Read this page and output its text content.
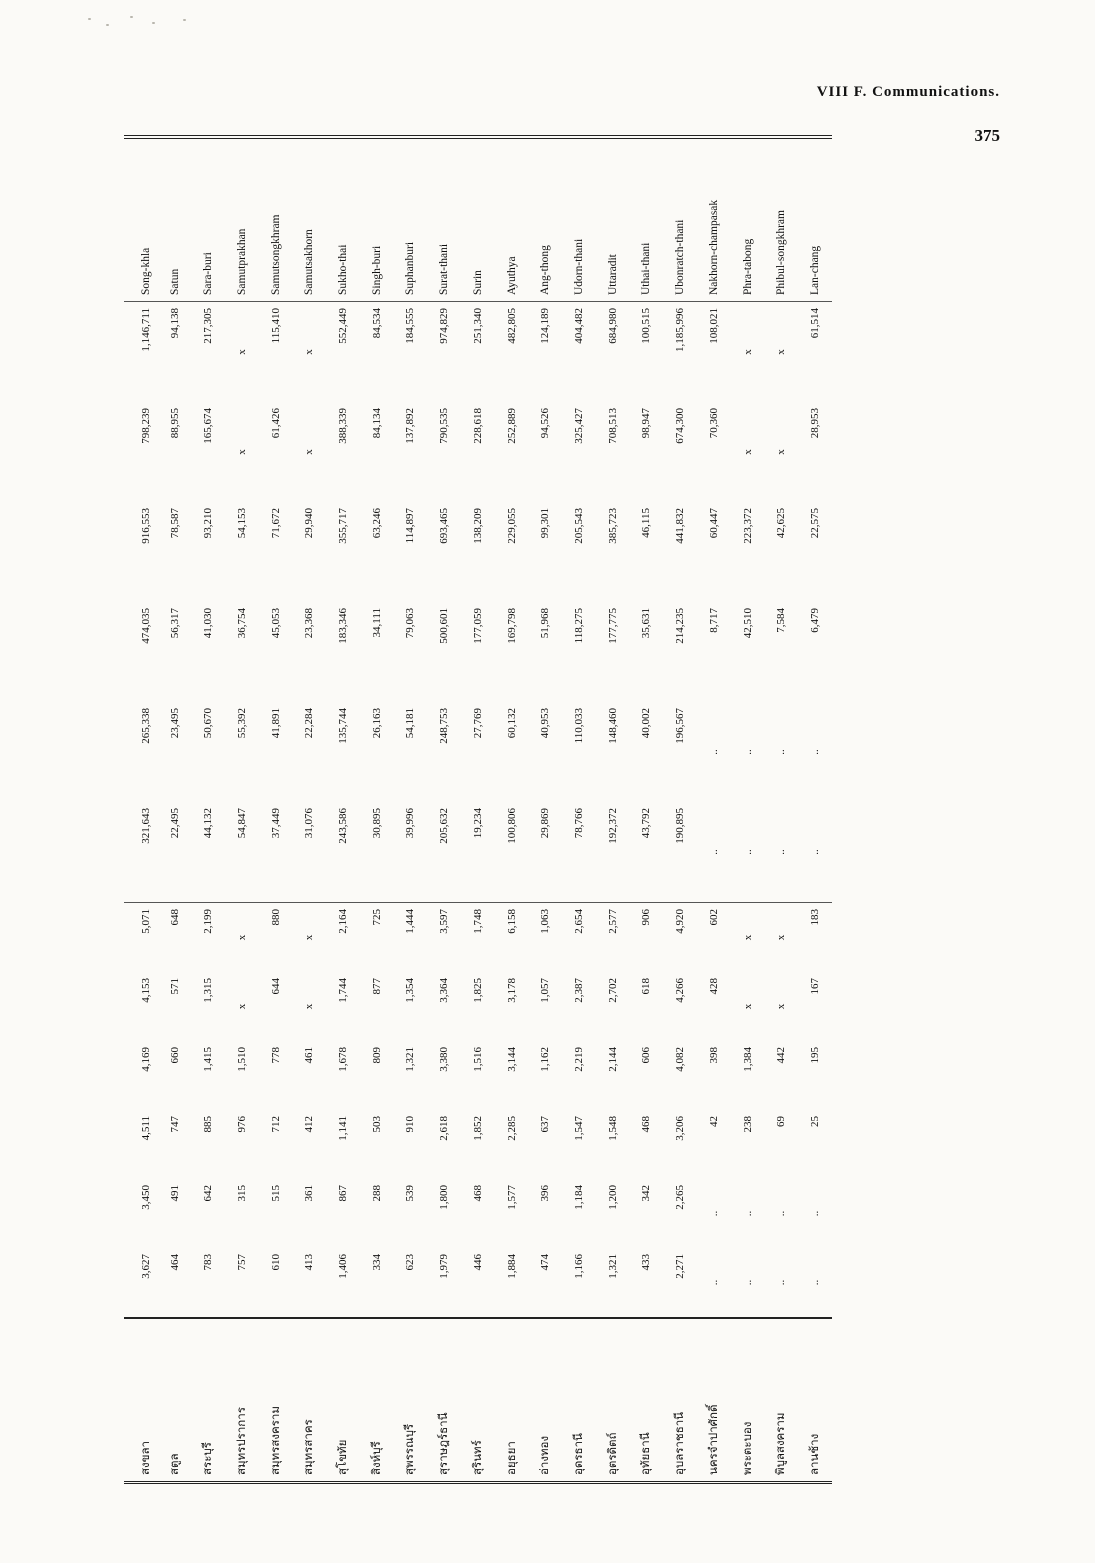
VIII F. Communications.
375
สงขลา	3,627	3,450	4,511	4,169	4,153	5,071	321,643	265,338	474,035	916,553	798,239	1,146,711	Song-khla
สตูล	464	491	747	660	571	648	22,495	23,495	56,317	78,587	88,955	94,138	Satun
สระบุรี	783	642	885	1,415	1,315	2,199	44,132	50,670	41,030	93,210	165,674	217,305	Sara-buri
สมุทรปราการ	757	315	976	1,510	x	x	54,847	55,392	36,754	54,153	x	x	Samutprakhan
สมุทรสงคราม	610	515	712	778	644	880	37,449	41,891	45,053	71,672	61,426	115,410	Samutsongkhram
สมุทรสาคร	413	361	412	461	x	x	31,076	22,284	23,368	29,940	x	x	Samutsakhorn
สุโขทัย	1,406	867	1,141	1,678	1,744	2,164	243,586	135,744	183,346	355,717	388,339	552,449	Sukho-thai
สิงห์บุรี	334	288	503	809	877	725	30,895	26,163	34,111	63,246	84,134	84,534	Singh-buri
สุพรรณบุรี	623	539	910	1,321	1,354	1,444	39,996	54,181	79,063	114,897	137,892	184,555	Suphanburi
สุราษฎร์ธานี	1,979	1,800	2,618	3,380	3,364	3,597	205,632	248,753	500,601	693,465	790,535	974,829	Surat-thani
สุรินทร์	446	468	1,852	1,516	1,825	1,748	19,234	27,769	177,059	138,209	228,618	251,340	Surin
อยุธยา	1,884	1,577	2,285	3,144	3,178	6,158	100,806	60,132	169,798	229,055	252,889	482,805	Ayuthya
อ่างทอง	474	396	637	1,162	1,057	1,063	29,869	40,953	51,968	99,301	94,526	124,189	Ang-thong
อุดรธานี	1,166	1,184	1,547	2,219	2,387	2,654	78,766	110,033	118,275	205,543	325,427	404,482	Udorn-thani
อุตรดิตถ์	1,321	1,200	1,548	2,144	2,702	2,577	192,372	148,460	177,775	385,723	708,513	684,980	Uttaradit
อุทัยธานี	433	342	468	606	618	906	43,792	40,002	35,631	46,115	98,947	100,515	Uthai-thani
อุบลราชธานี	2,271	2,265	3,206	4,082	4,266	4,920	190,895	196,567	214,235	441,832	674,300	1,185,996	Ubonratch-thani
นครจำปาศักดิ์	..	..	42	398	428	602	..	..	8,717	60,447	70,360	108,021	Nakhorn-champasak
พระตะบอง	..	..	238	1,384	x	x	..	..	42,510	223,372	x	x	Phra-tabong
พิบูลสงคราม	..	..	69	442	x	x	..	..	7,584	42,625	x	x	Phibul-songkhram
ลานช้าง	..	..	25	195	167	183	..	..	6,479	22,575	28,953	61,514	Lan-chang
